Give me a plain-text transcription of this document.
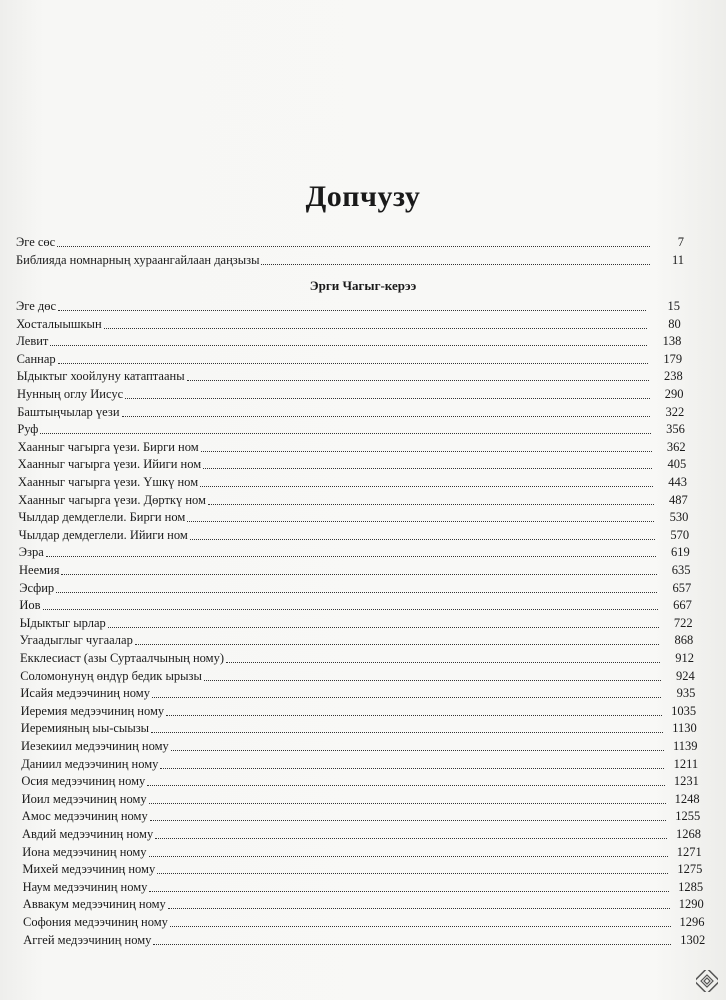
Допчузу
Эге сөс	7
Библияда номнарның хураангайлаан даңзызы	11
Эрги Чагыг-керээ
Эге дөс	15
Хосталыышкын	80
Левит	138
Саннар	179
Ыдыктыг хоойлуну катаптааны	238
Нунның оглу Иисус	290
Баштыңчылар үези	322
Руф	356
Хаанныг чагырга үези. Бирги ном	362
Хаанныг чагырга үези. Ийиги ном	405
Хаанныг чагырга үези. Үшкү ном	443
Хаанныг чагырга үези. Дөрткү ном	487
Чылдар демдеглели. Бирги ном	530
Чылдар демдеглели. Ийиги ном	570
Эзра	619
Неемия	635
Эсфир	657
Иов	667
Ыдыктыг ырлар	722
Угаадыглыг чугаалар	868
Екклесиаст (азы Суртаалчының ному)	912
Соломонунуң өндүр бедик ырызы	924
Исайя медээчиниң ному	935
Иеремия медээчиниң ному	1035
Иеремияның ыы-сыызы	1130
Иезекиил медээчиниң ному	1139
Даниил медээчиниң ному	1211
Осия медээчиниң ному	1231
Иоил медээчиниң ному	1248
Амос медээчиниң ному	1255
Авдий медээчиниң ному	1268
Иона медээчиниң ному	1271
Михей медээчиниң ному	1275
Наум медээчиниң ному	1285
Аввакум медээчиниң ному	1290
Софония медээчиниң ному	1296
Аггей медээчиниң ному	1302
